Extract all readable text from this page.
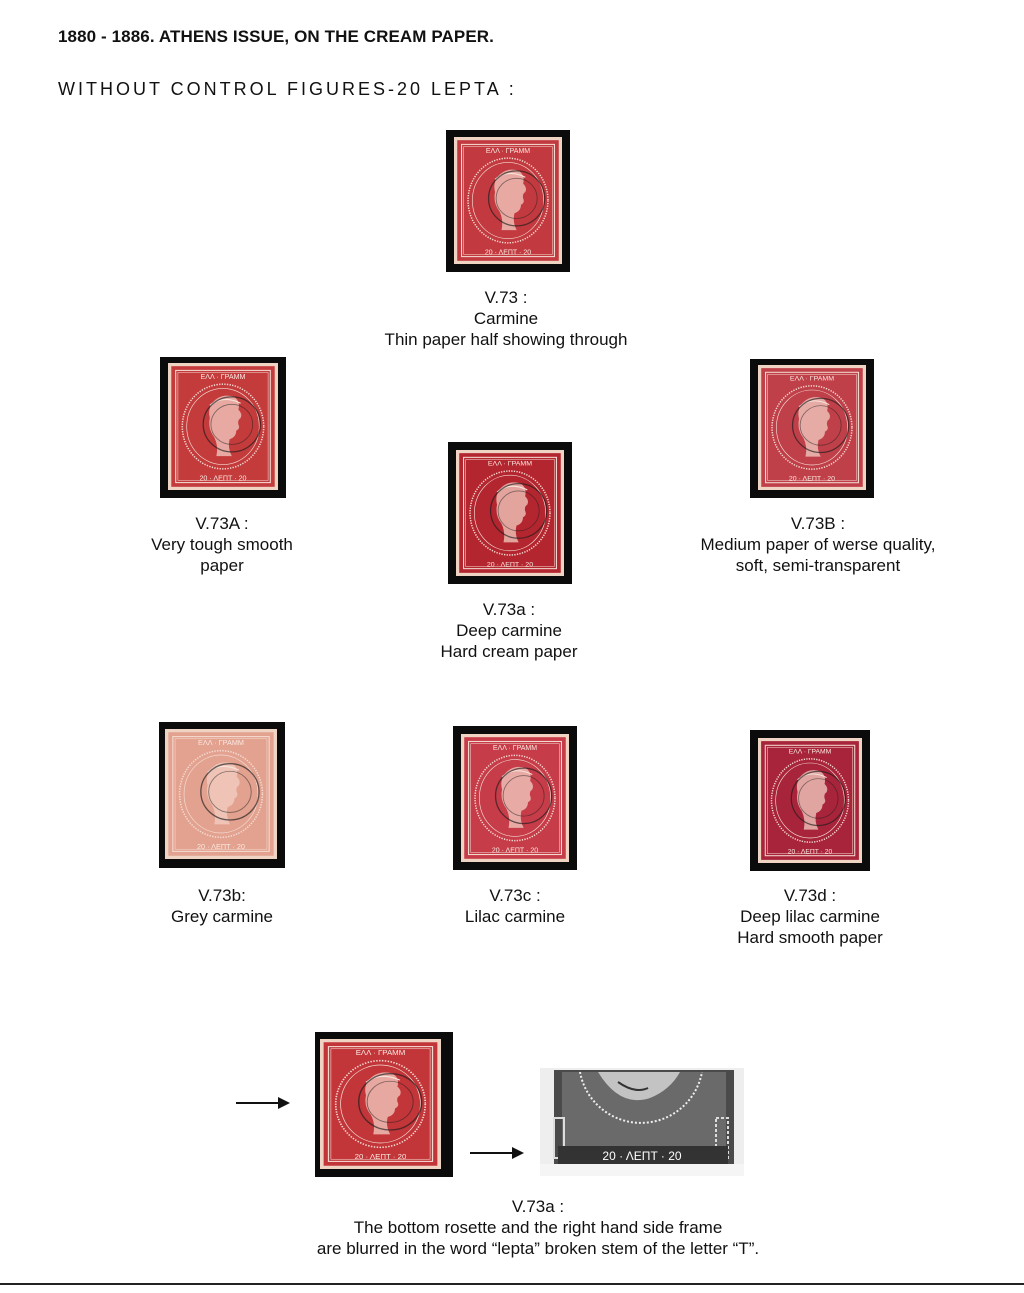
1880 - 1886. ATHENS ISSUE, ON THE CREAM PAPER.
WITHOUT CONTROL FIGURES-20 LEPTA :
ΕΛΛ · ΓΡΑΜΜ
20 · ΛΕΠΤ · 20
V.73 :
Carmine
Thin paper half showing through
ΕΛΛ · ΓΡΑΜΜ
20 · ΛΕΠΤ · 20
V.73A :
Very tough smooth
paper
ΕΛΛ · ΓΡΑΜΜ
20 · ΛΕΠΤ · 20
V.73a :
Deep carmine
Hard cream paper
ΕΛΛ · ΓΡΑΜΜ
20 · ΛΕΠΤ · 20
V.73B :
Medium paper of werse quality,
soft, semi-transparent
ΕΛΛ · ΓΡΑΜΜ
20 · ΛΕΠΤ · 20
V.73b:
Grey carmine
ΕΛΛ · ΓΡΑΜΜ
20 · ΛΕΠΤ · 20
V.73c :
Lilac carmine
ΕΛΛ · ΓΡΑΜΜ
20 · ΛΕΠΤ · 20
V.73d :
Deep lilac carmine
Hard smooth paper
ΕΛΛ · ΓΡΑΜΜ
20 · ΛΕΠΤ · 20	20 · ΛΕΠΤ · 20
V.73a :
The bottom rosette and the right hand side frame
are blurred in the word “lepta” broken stem of the letter “T”.
